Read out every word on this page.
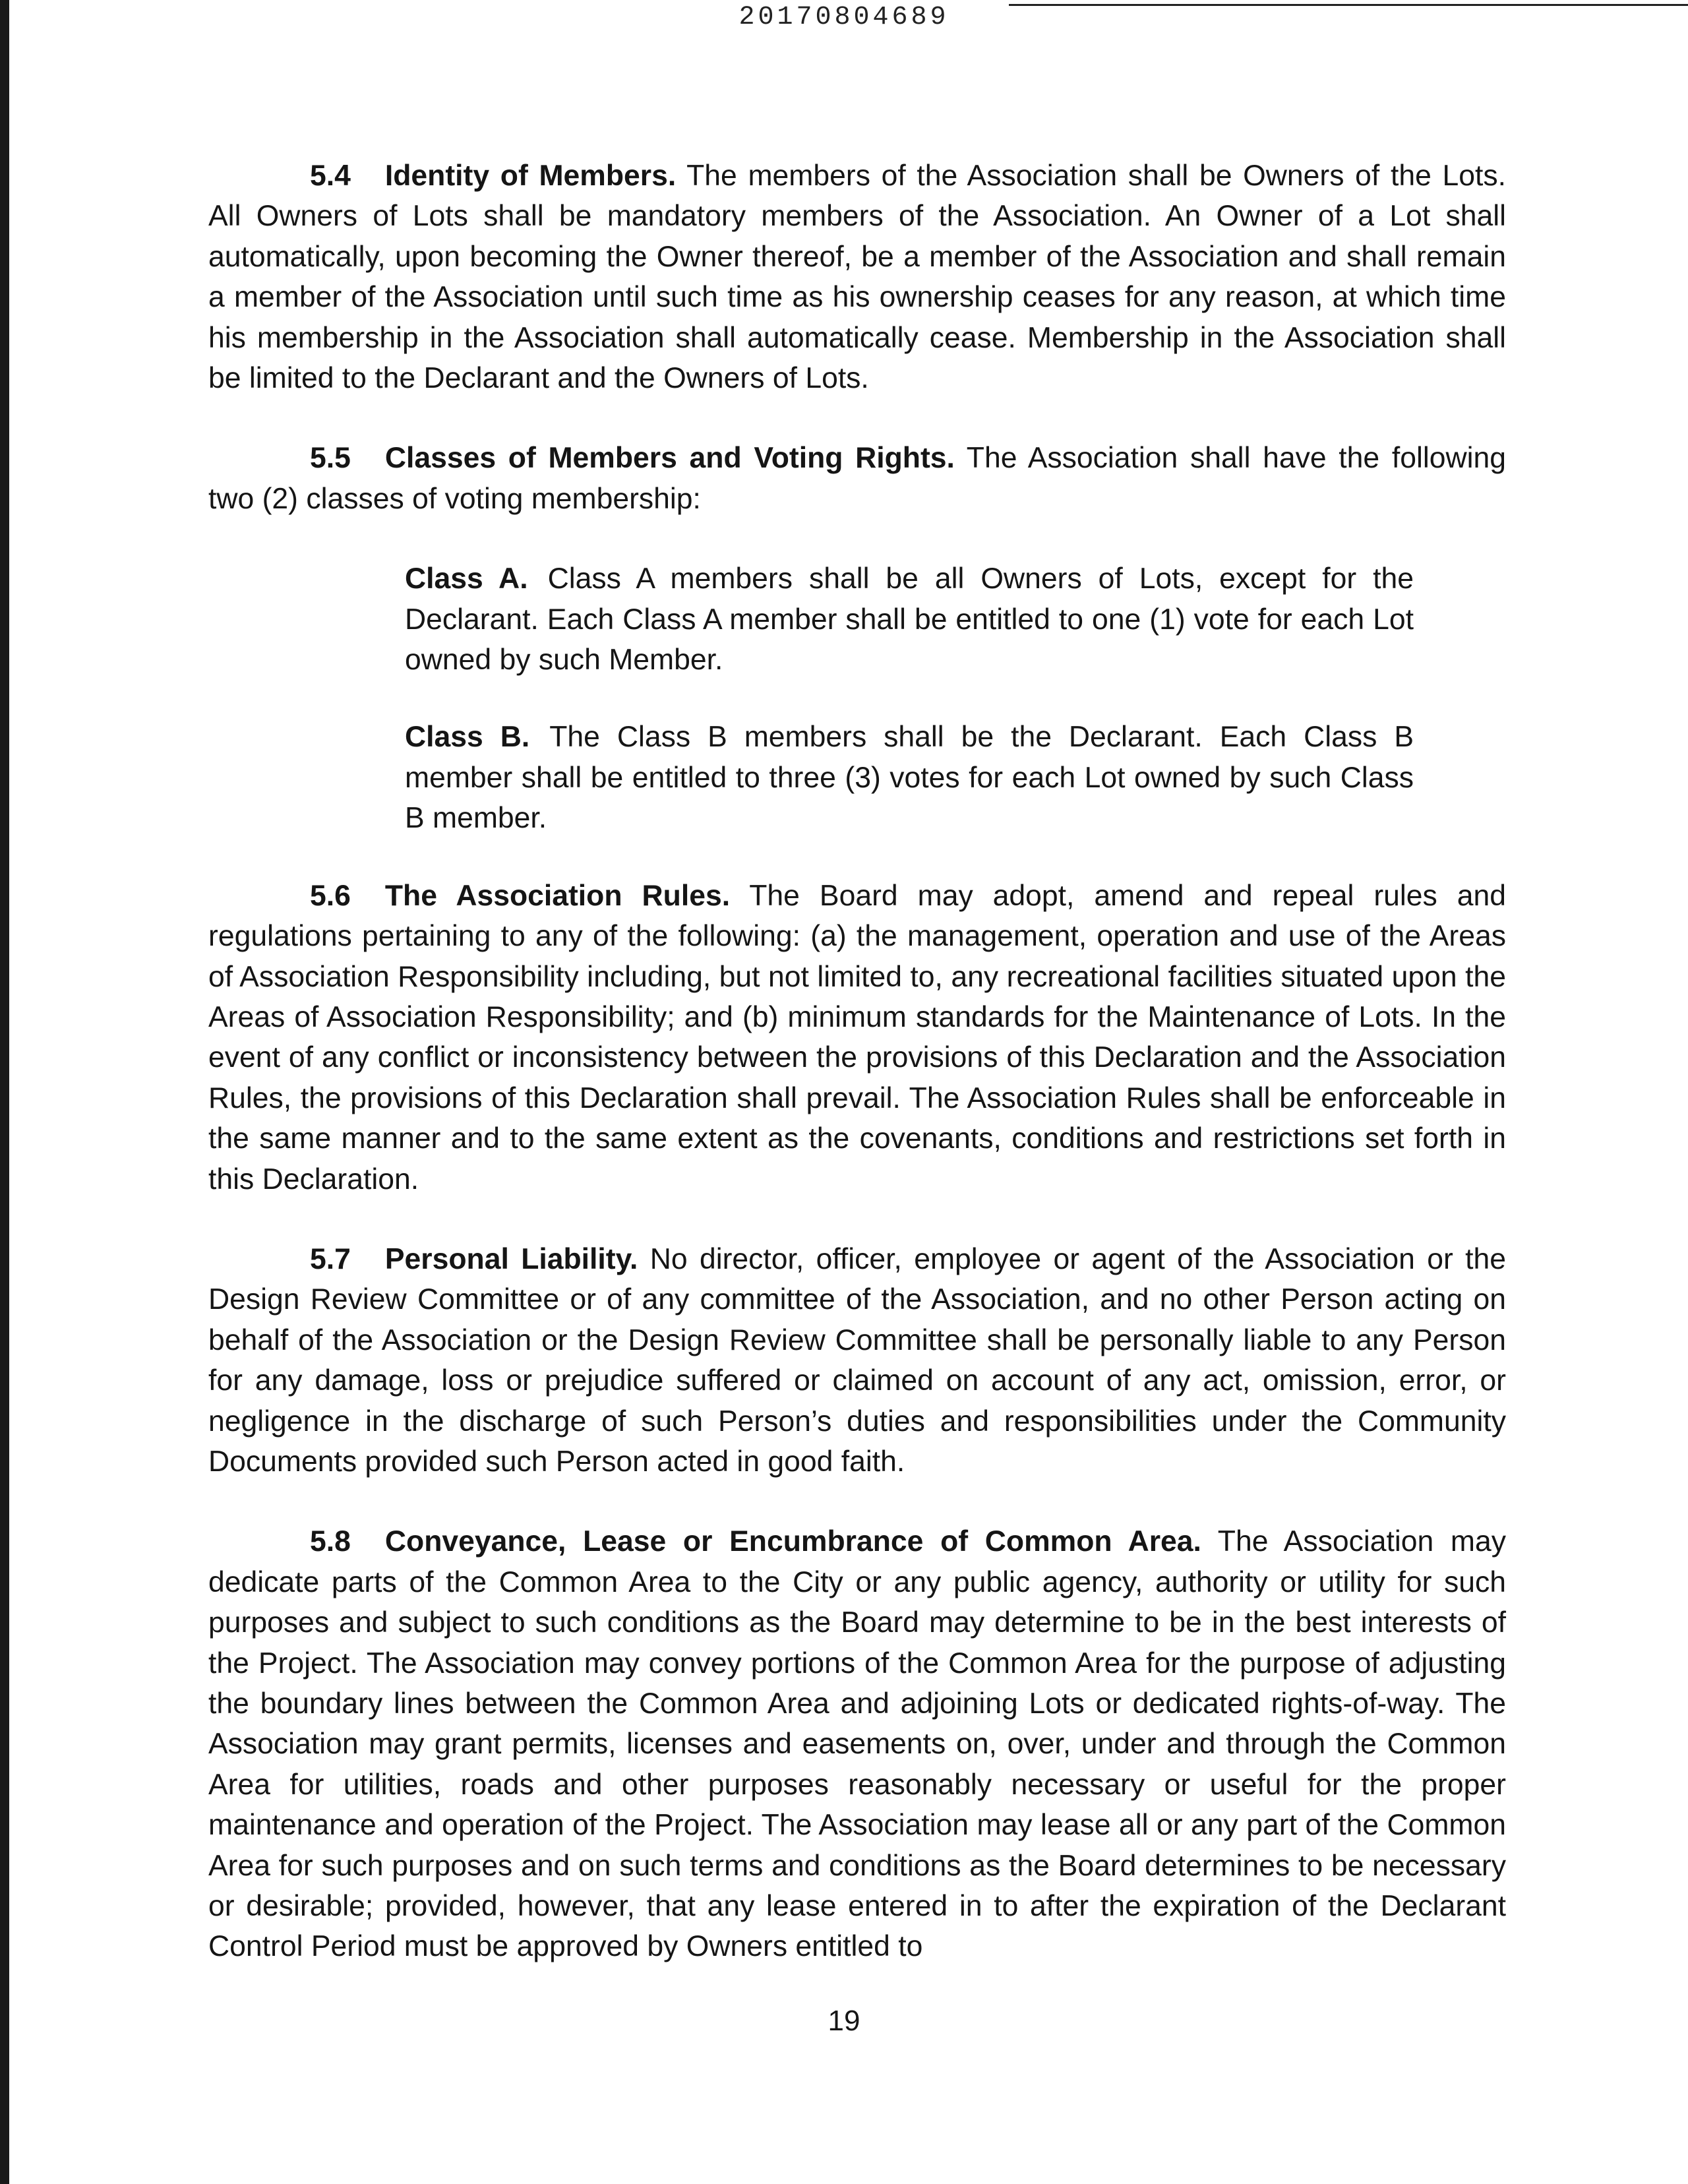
20170804689

5.4 Identity of Members. The members of the Association shall be Owners of the Lots. All Owners of Lots shall be mandatory members of the Association. An Owner of a Lot shall automatically, upon becoming the Owner thereof, be a member of the Association and shall remain a member of the Association until such time as his ownership ceases for any reason, at which time his membership in the Association shall automatically cease. Membership in the Association shall be limited to the Declarant and the Owners of Lots.

5.5 Classes of Members and Voting Rights. The Association shall have the following two (2) classes of voting membership:

Class A. Class A members shall be all Owners of Lots, except for the Declarant. Each Class A member shall be entitled to one (1) vote for each Lot owned by such Member.

Class B. The Class B members shall be the Declarant. Each Class B member shall be entitled to three (3) votes for each Lot owned by such Class B member.

5.6 The Association Rules. The Board may adopt, amend and repeal rules and regulations pertaining to any of the following: (a) the management, operation and use of the Areas of Association Responsibility including, but not limited to, any recreational facilities situated upon the Areas of Association Responsibility; and (b) minimum standards for the Maintenance of Lots. In the event of any conflict or inconsistency between the provisions of this Declaration and the Association Rules, the provisions of this Declaration shall prevail. The Association Rules shall be enforceable in the same manner and to the same extent as the covenants, conditions and restrictions set forth in this Declaration.

5.7 Personal Liability. No director, officer, employee or agent of the Association or the Design Review Committee or of any committee of the Association, and no other Person acting on behalf of the Association or the Design Review Committee shall be personally liable to any Person for any damage, loss or prejudice suffered or claimed on account of any act, omission, error, or negligence in the discharge of such Person’s duties and responsibilities under the Community Documents provided such Person acted in good faith.

5.8 Conveyance, Lease or Encumbrance of Common Area. The Association may dedicate parts of the Common Area to the City or any public agency, authority or utility for such purposes and subject to such conditions as the Board may determine to be in the best interests of the Project. The Association may convey portions of the Common Area for the purpose of adjusting the boundary lines between the Common Area and adjoining Lots or dedicated rights-of-way. The Association may grant permits, licenses and easements on, over, under and through the Common Area for utilities, roads and other purposes reasonably necessary or useful for the proper maintenance and operation of the Project. The Association may lease all or any part of the Common Area for such purposes and on such terms and conditions as the Board determines to be necessary or desirable; provided, however, that any lease entered in to after the expiration of the Declarant Control Period must be approved by Owners entitled to

19
